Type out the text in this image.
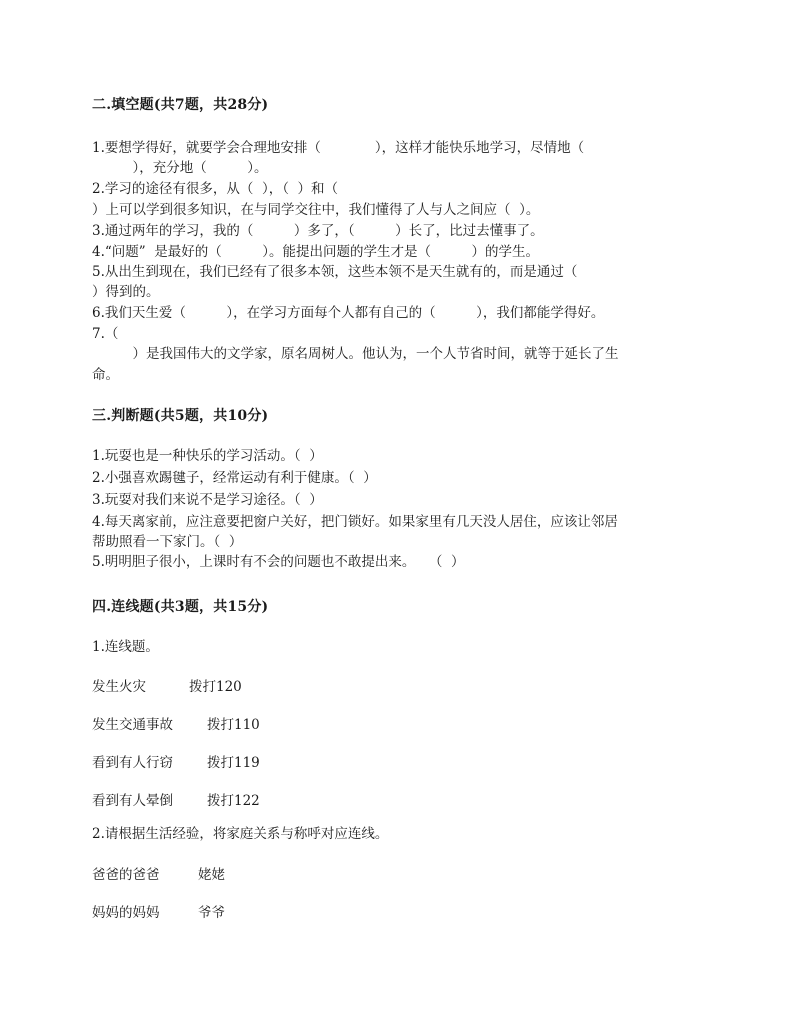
二.填空题(共7题，共28分)
1.要想学得好，就要学会合理地安排（　　　　），这样才能快乐地学习，尽情地（
　　　），充分地（　　　）。
2.学习的途径有很多，从（  ），（  ）和（
）上可以学到很多知识，在与同学交往中，我们懂得了人与人之间应（  ）。
3.通过两年的学习，我的（　　　）多了，（　　　）长了，比过去懂事了。
4.“问题”  是最好的（　　　）。能提出问题的学生才是（　　　）的学生。
5.从出生到现在，我们已经有了很多本领，这些本领不是天生就有的，而是通过（
）得到的。
6.我们天生爱（　　　），在学习方面每个人都有自己的（　　　），我们都能学得好。
7.（
　　　）是我国伟大的文学家，原名周树人。他认为，一个人节省时间，就等于延长了生
命。
三.判断题(共5题，共10分)
1.玩耍也是一种快乐的学习活动。（  ）
2.小强喜欢踢毽子，经常运动有利于健康。（  ）
3.玩耍对我们来说不是学习途径。（  ）
4.每天离家前，应注意要把窗户关好，把门锁好。如果家里有几天没人居住，应该让邻居
帮助照看一下家门。（  ）
5.明明胆子很小，上课时有不会的问题也不敢提出来。　　（  ）
四.连线题(共3题，共15分)
1.连线题。
发生火灾	拨打120
发生交通事故	拨打110
看到有人行窃	拨打119
看到有人晕倒	拨打122
2.请根据生活经验，将家庭关系与称呼对应连线。
爸爸的爸爸	姥姥
妈妈的妈妈	爷爷
